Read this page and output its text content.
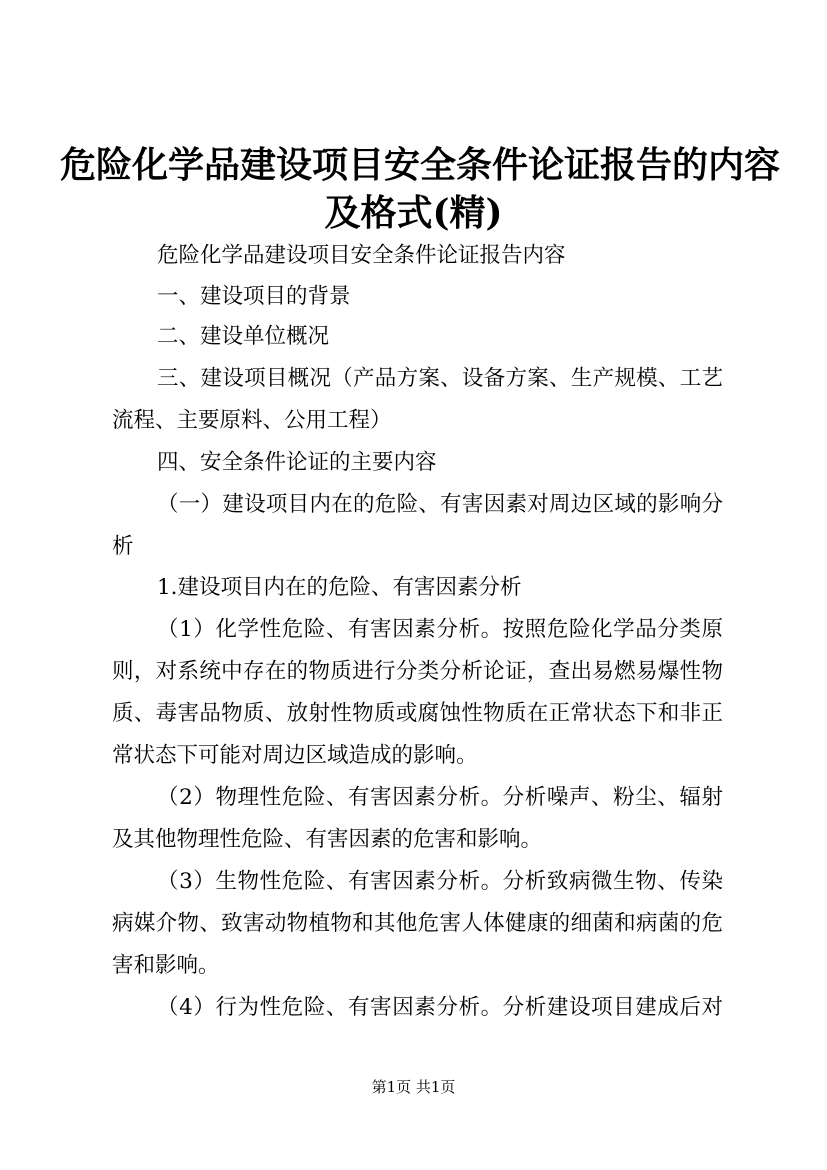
危险化学品建设项目安全条件论证报告的内容
及格式(精)
危险化学品建设项目安全条件论证报告内容
一、建设项目的背景
二、建设单位概况
三、建设项目概况（产品方案、设备方案、生产规模、工艺
流程、主要原料、公用工程）
四、安全条件论证的主要内容
（一）建设项目内在的危险、有害因素对周边区域的影响分
析
1.建设项目内在的危险、有害因素分析
（1）化学性危险、有害因素分析。按照危险化学品分类原
则，对系统中存在的物质进行分类分析论证，查出易燃易爆性物
质、毒害品物质、放射性物质或腐蚀性物质在正常状态下和非正
常状态下可能对周边区域造成的影响。
（2）物理性危险、有害因素分析。分析噪声、粉尘、辐射
及其他物理性危险、有害因素的危害和影响。
（3）生物性危险、有害因素分析。分析致病微生物、传染
病媒介物、致害动物植物和其他危害人体健康的细菌和病菌的危
害和影响。
（4）行为性危险、有害因素分析。分析建设项目建成后对
第1页 共1页
